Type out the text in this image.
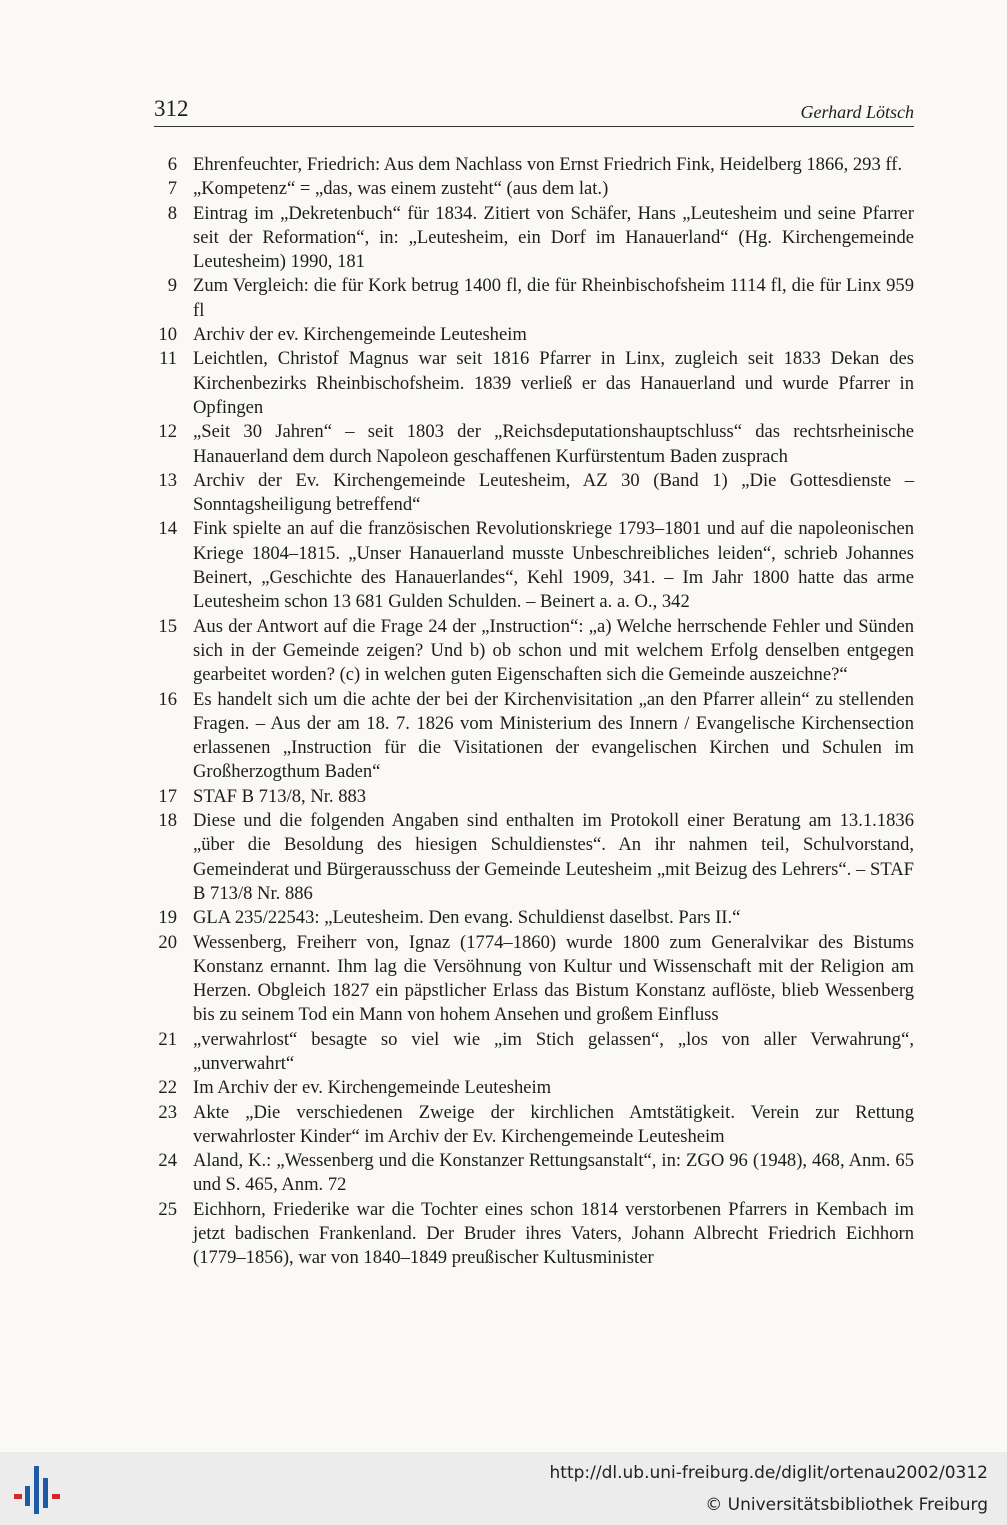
312	Gerhard Lötsch
6 Ehrenfeuchter, Friedrich: Aus dem Nachlass von Ernst Friedrich Fink, Heidelberg 1866, 293 ff.
7 „Kompetenz“ = „das, was einem zusteht“ (aus dem lat.)
8 Eintrag im „Dekretenbuch“ für 1834. Zitiert von Schäfer, Hans „Leutesheim und seine Pfarrer seit der Reformation“, in: „Leutesheim, ein Dorf im Hanauerland“ (Hg. Kirchengemeinde Leutesheim) 1990, 181
9 Zum Vergleich: die für Kork betrug 1400 fl, die für Rheinbischofsheim 1114 fl, die für Linx 959 fl
10 Archiv der ev. Kirchengemeinde Leutesheim
11 Leichtlen, Christof Magnus war seit 1816 Pfarrer in Linx, zugleich seit 1833 Dekan des Kirchenbezirks Rheinbischofsheim. 1839 verließ er das Hanauerland und wurde Pfarrer in Opfingen
12 „Seit 30 Jahren“ – seit 1803 der „Reichsdeputationshauptschluss“ das rechtsrheinische Hanauerland dem durch Napoleon geschaffenen Kurfürstentum Baden zusprach
13 Archiv der Ev. Kirchengemeinde Leutesheim, AZ 30 (Band 1) „Die Gottesdienste – Sonntagsheiligung betreffend“
14 Fink spielte an auf die französischen Revolutionskriege 1793–1801 und auf die napoleonischen Kriege 1804–1815. „Unser Hanauerland musste Unbeschreibliches leiden“, schrieb Johannes Beinert, „Geschichte des Hanauerlandes“, Kehl 1909, 341. – Im Jahr 1800 hatte das arme Leutesheim schon 13 681 Gulden Schulden. – Beinert a. a. O., 342
15 Aus der Antwort auf die Frage 24 der „Instruction“: „a) Welche herrschende Fehler und Sünden sich in der Gemeinde zeigen? Und b) ob schon und mit welchem Erfolg denselben entgegen gearbeitet worden? (c) in welchen guten Eigenschaften sich die Gemeinde auszeichne?“
16 Es handelt sich um die achte der bei der Kirchenvisitation „an den Pfarrer allein“ zu stellenden Fragen. – Aus der am 18. 7. 1826 vom Ministerium des Innern / Evangelische Kirchensection erlassenen „Instruction für die Visitationen der evangelischen Kirchen und Schulen im Großherzogthum Baden“
17 STAF B 713/8, Nr. 883
18 Diese und die folgenden Angaben sind enthalten im Protokoll einer Beratung am 13.1.1836 „über die Besoldung des hiesigen Schuldienstes“. An ihr nahmen teil, Schulvorstand, Gemeinderat und Bürgerausschuss der Gemeinde Leutesheim „mit Beizug des Lehrers“. – STAF B 713/8 Nr. 886
19 GLA 235/22543: „Leutesheim. Den evang. Schuldienst daselbst. Pars II.“
20 Wessenberg, Freiherr von, Ignaz (1774–1860) wurde 1800 zum Generalvikar des Bistums Konstanz ernannt. Ihm lag die Versöhnung von Kultur und Wissenschaft mit der Religion am Herzen. Obgleich 1827 ein päpstlicher Erlass das Bistum Konstanz auflöste, blieb Wessenberg bis zu seinem Tod ein Mann von hohem Ansehen und großem Einfluss
21 „verwahrlost“ besagte so viel wie „im Stich gelassen“, „los von aller Verwahrung“, „unverwahrt“
22 Im Archiv der ev. Kirchengemeinde Leutesheim
23 Akte „Die verschiedenen Zweige der kirchlichen Amtstätigkeit. Verein zur Rettung verwahrloster Kinder“ im Archiv der Ev. Kirchengemeinde Leutesheim
24 Aland, K.: „Wessenberg und die Konstanzer Rettungsanstalt“, in: ZGO 96 (1948), 468, Anm. 65 und S. 465, Anm. 72
25 Eichhorn, Friederike war die Tochter eines schon 1814 verstorbenen Pfarrers in Kembach im jetzt badischen Frankenland. Der Bruder ihres Vaters, Johann Albrecht Friedrich Eichhorn (1779–1856), war von 1840–1849 preußischer Kultusminister
http://dl.ub.uni-freiburg.de/diglit/ortenau2002/0312
© Universitätsbibliothek Freiburg
